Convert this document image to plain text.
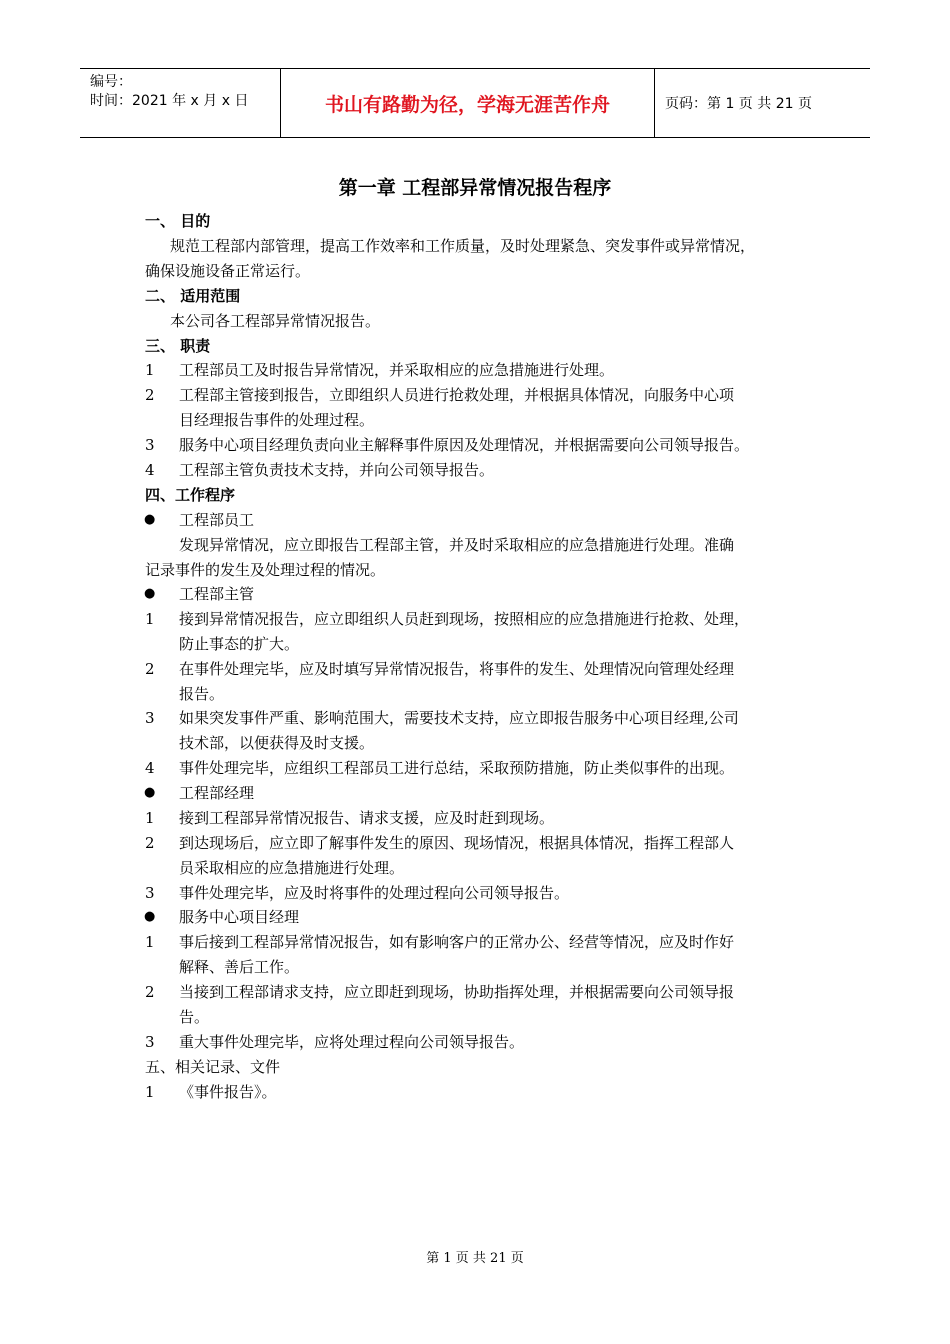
编号：
时间：2021 年 x 月 x 日	书山有路勤为径，学海无涯苦作舟	页码：第 1 页 共 21 页
第一章 工程部异常情况报告程序
一、 目的
规范工程部内部管理，提高工作效率和工作质量，及时处理紧急、突发事件或异常情况，
确保设施设备正常运行。
二、 适用范围
本公司各工程部异常情况报告。
三、 职责
1 工程部员工及时报告异常情况，并采取相应的应急措施进行处理。
2 工程部主管接到报告，立即组织人员进行抢救处理，并根据具体情况，向服务中心项
目经理报告事件的处理过程。
3 服务中心项目经理负责向业主解释事件原因及处理情况，并根据需要向公司领导报告。
4 工程部主管负责技术支持，并向公司领导报告。
四、工作程序
● 工程部员工
发现异常情况，应立即报告工程部主管，并及时采取相应的应急措施进行处理。准确
记录事件的发生及处理过程的情况。
● 工程部主管
1 接到异常情况报告，应立即组织人员赶到现场，按照相应的应急措施进行抢救、处理，
防止事态的扩大。
2 在事件处理完毕，应及时填写异常情况报告，将事件的发生、处理情况向管理处经理
报告。
3 如果突发事件严重、影响范围大，需要技术支持，应立即报告服务中心项目经理,公司
技术部，以便获得及时支援。
4 事件处理完毕，应组织工程部员工进行总结，采取预防措施，防止类似事件的出现。
● 工程部经理
1 接到工程部异常情况报告、请求支援，应及时赶到现场。
2 到达现场后，应立即了解事件发生的原因、现场情况，根据具体情况，指挥工程部人
员采取相应的应急措施进行处理。
3 事件处理完毕，应及时将事件的处理过程向公司领导报告。
● 服务中心项目经理
1 事后接到工程部异常情况报告，如有影响客户的正常办公、经营等情况，应及时作好
解释、善后工作。
2 当接到工程部请求支持，应立即赶到现场，协助指挥处理，并根据需要向公司领导报
告。
3 重大事件处理完毕，应将处理过程向公司领导报告。
五、相关记录、文件
1 《事件报告》。
第 1 页 共 21 页
